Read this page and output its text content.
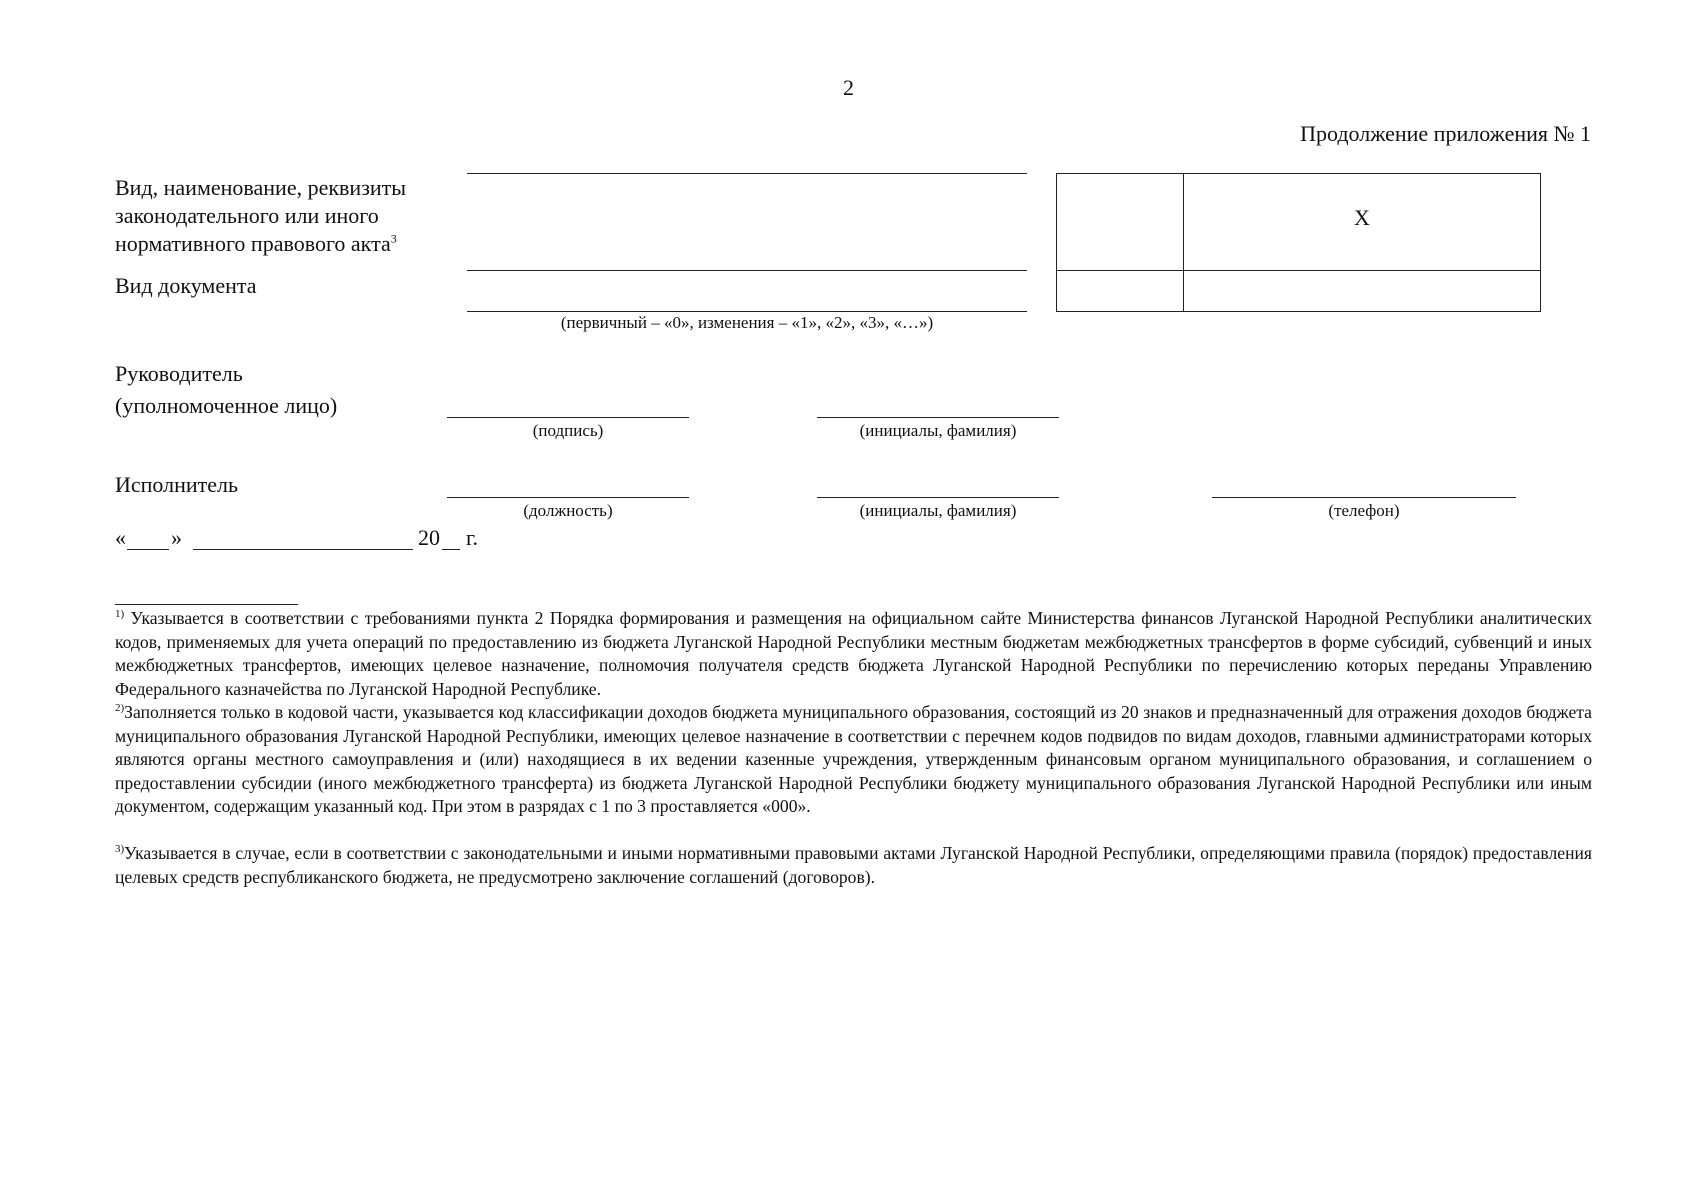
2
Продолжение приложения № 1
Вид, наименование, реквизиты
законодательного или иного
нормативного правового акта$^3$
Вид документа
(первичный – «0», изменения – «1», «2», «3», «…»)
X
Руководитель
(уполномоченное лицо)
(подпись)	(инициалы, фамилия)
Исполнитель
(должность)	(инициалы, фамилия)	(телефон)
« »	20 г.
$^{1)}$ Указывается в соответствии с требованиями пункта 2 Порядка формирования и размещения на официальном сайте Министерства финансов Луганской Народной Республики аналитических кодов, применяемых для учета операций по предоставлению из бюджета Луганской Народной Республики местным бюджетам межбюджетных трансфертов в форме субсидий, субвенций и иных межбюджетных трансфертов, имеющих целевое назначение, полномочия получателя средств бюджета Луганской Народной Республики по перечислению которых переданы Управлению Федерального казначейства по Луганской Народной Республике.
$^{2)}$Заполняется только в кодовой части, указывается код классификации доходов бюджета муниципального образования, состоящий из 20 знаков и предназначенный для отражения доходов бюджета муниципального образования Луганской Народной Республики, имеющих целевое назначение в соответствии с перечнем кодов подвидов по видам доходов, главными администраторами которых являются органы местного самоуправления и (или) находящиеся в их ведении казенные учреждения, утвержденным финансовым органом муниципального образования, и соглашением о предоставлении субсидии (иного межбюджетного трансферта) из бюджета Луганской Народной Республики бюджету муниципального образования Луганской Народной Республики или иным документом, содержащим указанный код. При этом в разрядах с 1 по 3 проставляется «000».
$^{3)}$Указывается в случае, если в соответствии с законодательными и иными нормативными правовыми актами Луганской Народной Республики, определяющими правила (порядок) предоставления целевых средств республиканского бюджета, не предусмотрено заключение соглашений (договоров).
